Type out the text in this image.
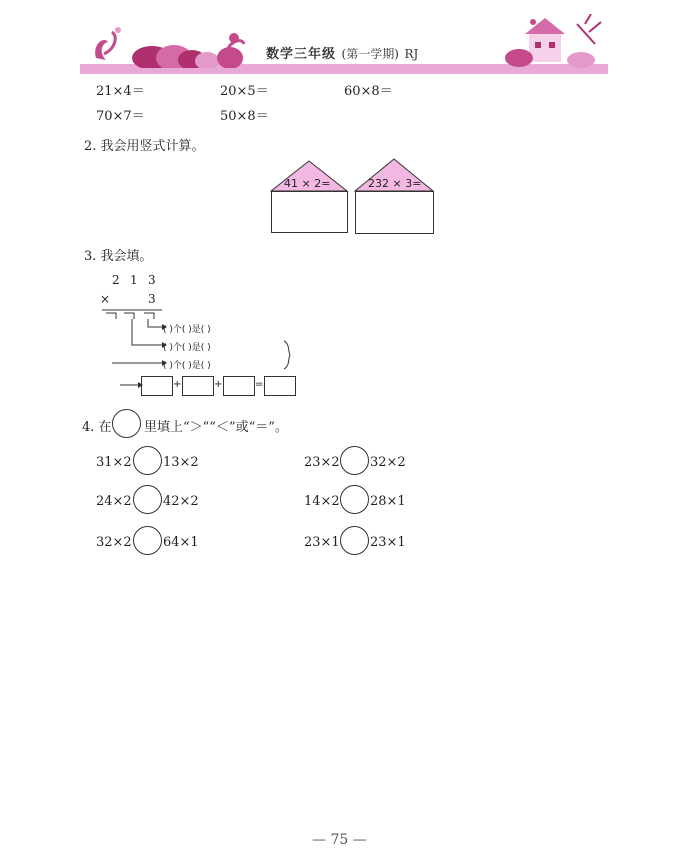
数学三年级 (第一学期) RJ
21×4＝	20×5＝	60×8＝
70×7＝	50×8＝
2. 我会用竖式计算。
41 × 2=	232 × 3=
3. 我会填。
2 1 3
×	3
( )个( )是( )
( )个( )是( )
( )个( )是( )
+	+	=
4. 在 里填上“＞”“＜”或“＝”。
31×2 13×2	23×2 32×2
24×2 42×2	14×2 28×1
32×2 64×1	23×1 23×1
— 75 —
